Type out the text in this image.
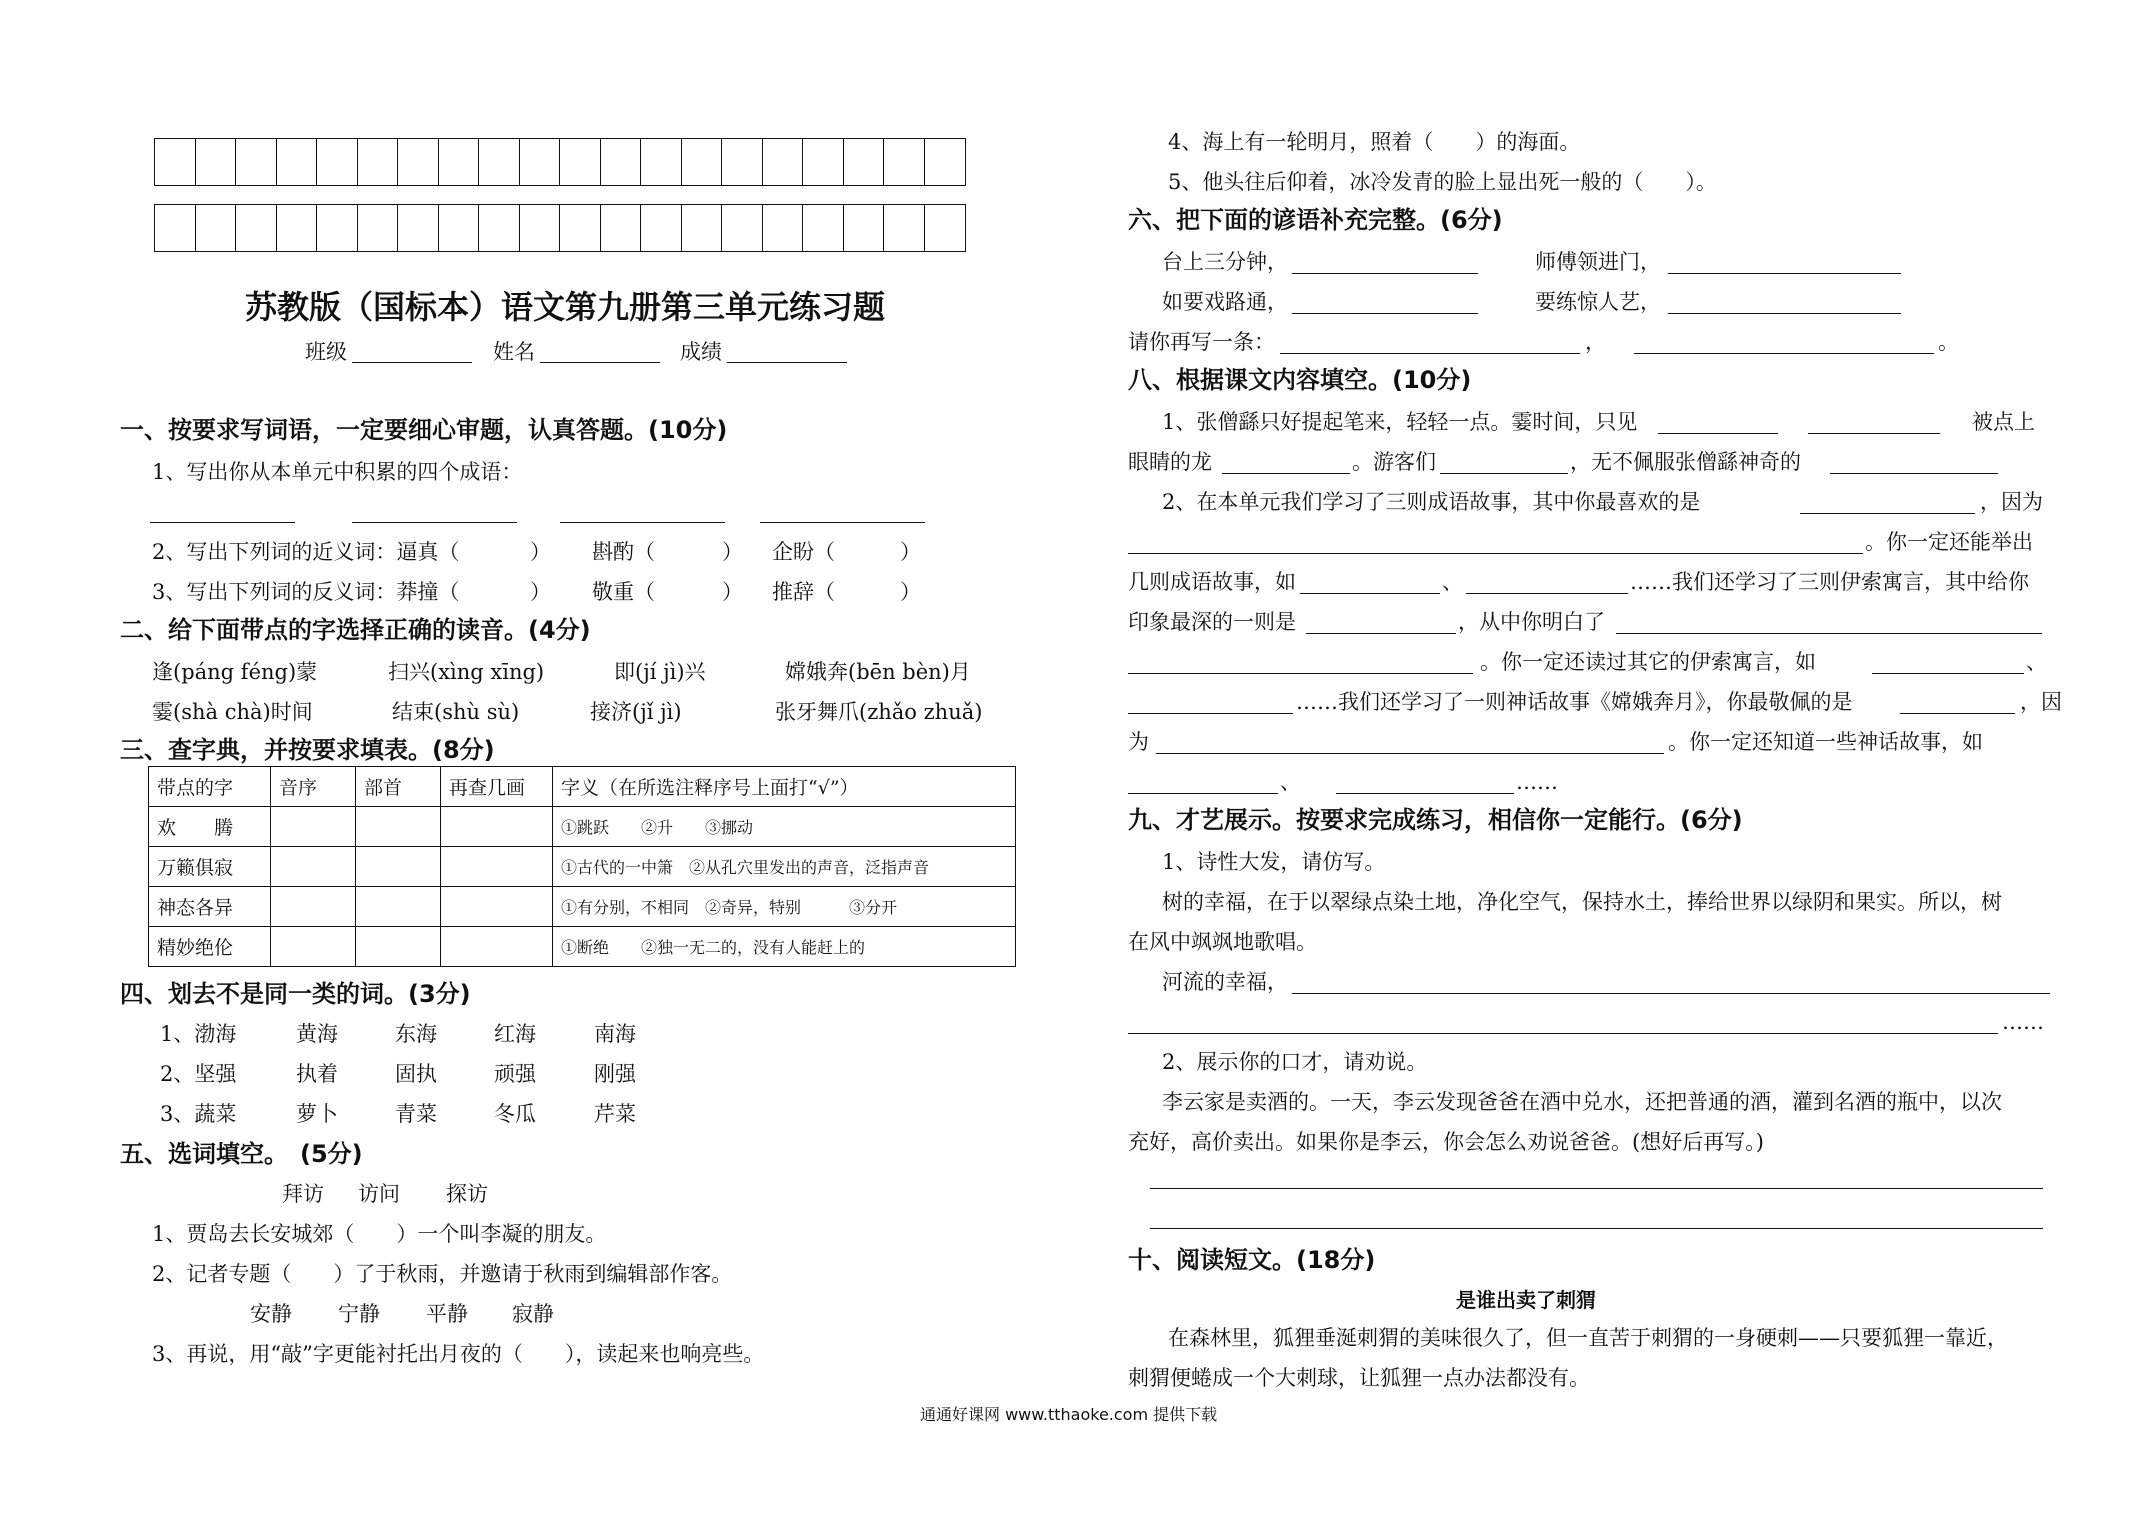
苏教版（国标本）语文第九册第三单元练习题
班级	姓名	成绩
一、按要求写词语，一定要细心审题，认真答题。(10分)
1、写出你从本单元中积累的四个成语：
2、写出下列词的近义词：逼真（	） 斟酌（	） 企盼（	）
3、写出下列词的反义词：莽撞（	） 敬重（	） 推辞（	）
二、给下面带点的字选择正确的读音。(4分)
逢(páng féng)蒙	扫兴(xìng xīng)	即(jí jì)兴	嫦娥奔(bēn bèn)月
霎(shà chà)时间	结束(shù sù)	接济(jǐ jì)	张牙舞爪(zhǎo zhuǎ)
三、查字典，并按要求填表。(8分)
带点的字	音序	部首	再查几画	字义（在所选注释序号上面打“√”）
欢　　腾				①跳跃　　②升　　③挪动
万籁俱寂				①古代的一中箫　②从孔穴里发出的声音，泛指声音
神态各异				①有分别，不相同　②奇异，特别　　　③分开
精妙绝伦				①断绝　　②独一无二的，没有人能赶上的
四、划去不是同一类的词。(3分)
1、渤海	黄海	东海	红海	南海
2、坚强	执着	固执	顽强	刚强
3、蔬菜	萝卜	青菜	冬瓜	芹菜
五、选词填空。　(5分)
拜访 访问 探访
1、贾岛去长安城郊（　　）一个叫李凝的朋友。
2、记者专题（　　）了于秋雨，并邀请于秋雨到编辑部作客。
安静 宁静 平静 寂静
3、再说，用“敲”字更能衬托出月夜的（　　），读起来也响亮些。
4、海上有一轮明月，照着（　　）的海面。
5、他头往后仰着，冰冷发青的脸上显出死一般的（　　）。
六、把下面的谚语补充完整。(6分)
台上三分钟，	师傅领进门，
如要戏路通，	要练惊人艺，
请你再写一条：	，	。
八、根据课文内容填空。(10分)
1、张僧繇只好提起笔来，轻轻一点。霎时间，只见	被点上
眼睛的龙	。游客们	，无不佩服张僧繇神奇的
2、在本单元我们学习了三则成语故事，其中你最喜欢的是	，因为
。你一定还能举出
几则成语故事，如	、	……我们还学习了三则伊索寓言，其中给你
印象最深的一则是	，从中你明白了
。你一定还读过其它的伊索寓言，如	、
……我们还学习了一则神话故事《嫦娥奔月》，你最敬佩的是	，因
为	。你一定还知道一些神话故事，如
、	……
九、才艺展示。按要求完成练习，相信你一定能行。(6分)
1、诗性大发，请仿写。
树的幸福，在于以翠绿点染土地，净化空气，保持水土，捧给世界以绿阴和果实。所以，树
在风中飒飒地歌唱。
河流的幸福，
……
2、展示你的口才，请劝说。
李云家是卖酒的。一天，李云发现爸爸在酒中兑水，还把普通的酒，灌到名酒的瓶中，以次
充好，高价卖出。如果你是李云，你会怎么劝说爸爸。(想好后再写。)
十、阅读短文。(18分)
是谁出卖了刺猬
在森林里，狐狸垂涎刺猬的美味很久了，但一直苦于刺猬的一身硬刺——只要狐狸一靠近，
刺猬便蜷成一个大刺球，让狐狸一点办法都没有。
通通好课网 www.tthaoke.com 提供下载
